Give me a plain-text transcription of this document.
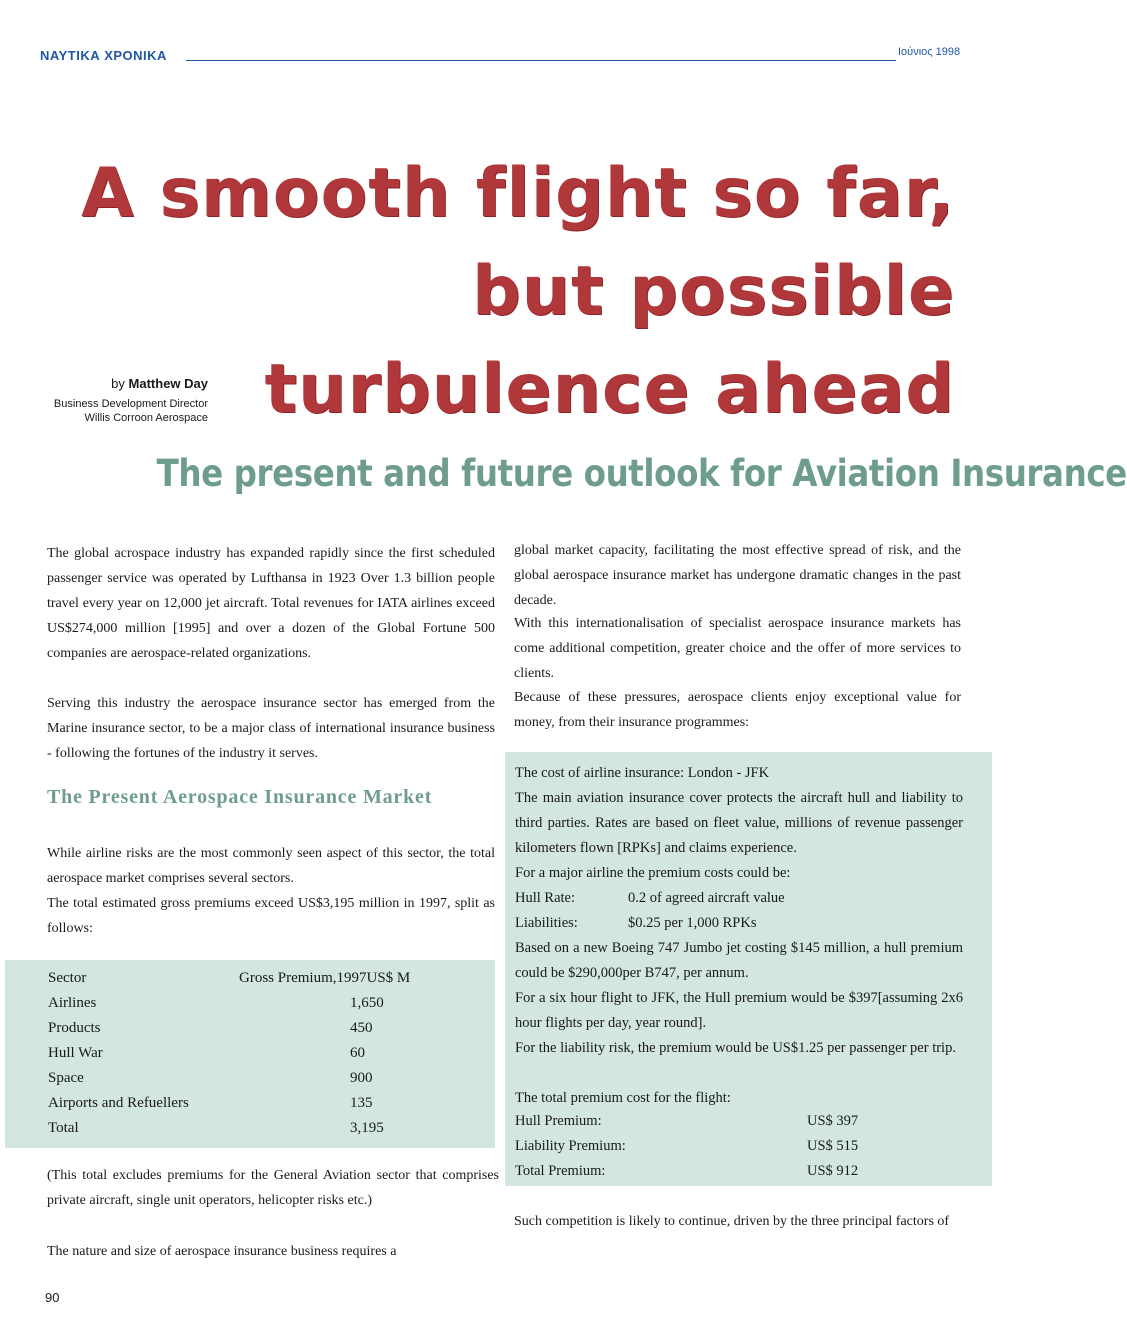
ΝΑΥΤΙΚΑ ΧΡΟΝΙΚΑ	Ιούνιος 1998
A smooth flight so far,
but possible
turbulence ahead
by Matthew Day
Business Development Director
Willis Corroon Aerospace
The present and future outlook for Aviation Insurance

The global acrospace industry has expanded rapidly since the first scheduled passenger service was operated by Lufthansa in 1923 Over 1.3 billion people travel every year on 12,000 jet aircraft. Total revenues for IATA airlines exceed US$274,000 million [1995] and over a dozen of the Global Fortune 500 companies are aerospace-related organizations.

Serving this industry the aerospace insurance sector has emerged from the Marine insurance sector, to be a major class of international insurance business - following the fortunes of the industry it serves.

The Present Aerospace Insurance Market

While airline risks are the most commonly seen aspect of this sector, the total aerospace market comprises several sectors.

The total estimated gross premiums exceed US$3,195 million in 1997, split as follows:

Sector	Gross Premium,1997US$ M
Airlines	1,650
Products	450
Hull War	60
Space	900
Airports and Refuellers	135
Total	3,195

(This total excludes premiums for the General Aviation sector that comprises private aircraft, single unit operators, helicopter risks etc.)

The nature and size of aerospace insurance business requires a

global market capacity, facilitating the most effective spread of risk, and the global aerospace insurance market has undergone dramatic changes in the past decade.

With this internationalisation of specialist aerospace insurance markets has come additional competition, greater choice and the offer of more services to clients.

Because of these pressures, aerospace clients enjoy exceptional value for money, from their insurance programmes:

The cost of airline insurance: London - JFK

The main aviation insurance cover protects the aircraft hull and liability to third parties. Rates are based on fleet value, millions of revenue passenger kilometers flown [RPKs] and claims experience.

For a major airline the premium costs could be:
Hull Rate:	0.2 of agreed aircraft value
Liabilities:	$0.25 per 1,000 RPKs

Based on a new Boeing 747 Jumbo jet costing $145 million, a hull premium could be $290,000per B747, per annum.

For a six hour flight to JFK, the Hull premium would be $397[assuming 2x6 hour flights per day, year round].

For the liability risk, the premium would be US$1.25 per passenger per trip.

The total premium cost for the flight:
Hull Premium:	US$ 397
Liability Premium:	US$ 515
Total Premium:	US$ 912

Such competition is likely to continue, driven by the three principal factors of

90
